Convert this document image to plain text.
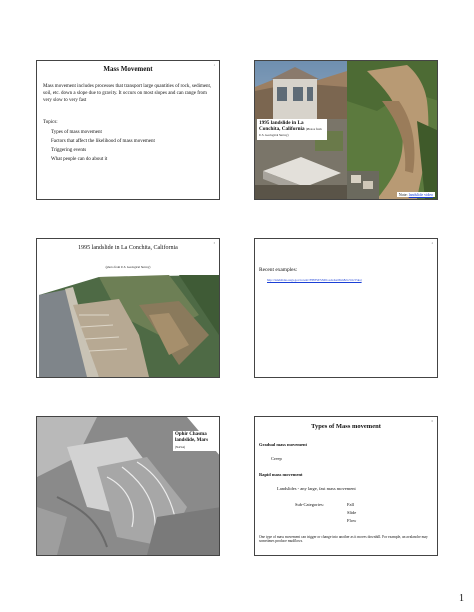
1
Mass Movement
Mass movement includes processes that transport large quantities of rock, sediment, soil, etc. down a slope due to gravity. It occurs on most slopes and can range from very slow to very fast
Topics:
Types of mass movement
Factors that affect the likelihood of mass movement
Triggering events
What people can do about it
1995 landslide in La Conchita, California (Photos from U.S. Geological Survey)
Note: landslide video
3
1995 landslide in La Conchita, California
(photo from U.S. Geological Survey)
4
Recent examples:
http://landslides.usgs.gov/recent/?PHPSESSID=a2edsst0bm82rc5t1r55kaj
Ophir Chasma landslide, Mars
(NASA)
6
Types of Mass movement
Gradual mass movement
Creep
Rapid mass movement
Landslides - any large, fast mass movement
Sub-Categories:	Fall
Slide
Flow
One type of mass movement can trigger or change into another as it moves downhill. For example, an avalanche may sometimes produce mudflows.
1
